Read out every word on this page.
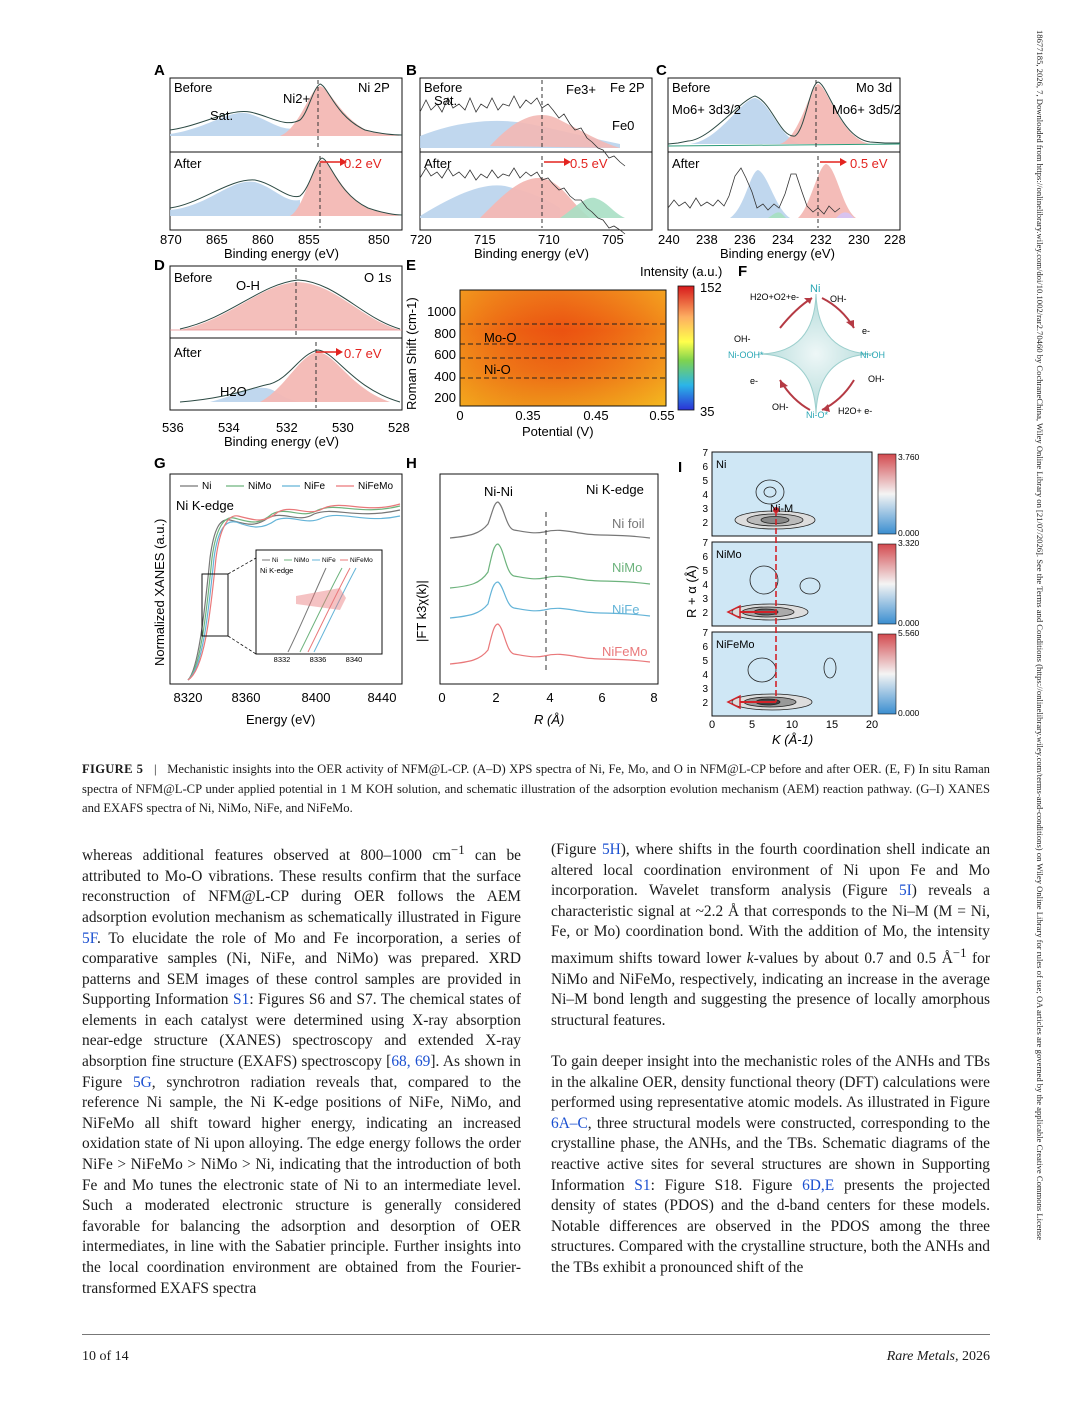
18677185, 2026, 7, Downloaded from https://onlinelibrary.wiley.com/doi/10.1002/rar2.70460 by CochraneChina, Wiley Online Library on [21/07/2026]. See the Terms and Conditions (https://onlinelibrary.wiley.com/terms-and-conditions) on Wiley Online Library for rules of use; OA articles are governed by the applicable Creative Commons License
A
Before	Ni 2P
Ni2+
Sat.
After	0.2 eV
870 865 860 855	850
Binding energy (eV)
B
Before
Sat.
Fe3+ Fe 2P
Fe0
After	0.5 eV
720	715	710	705
Binding energy (eV)
C
Before	Mo 3d
Mo6+ 3d3/2	Mo6+ 3d5/2
After	0.5 eV
240 238 236 234 232 230 228
Binding energy (eV)
D
Before
O-H
O 1s
After
H2O
0.7 eV
536	534	532	530	528
Binding energy (eV)
E
Roman Shift (cm-1)	Mo-O
Ni-O
1000
800
600
400
200
0	0.35	0.45	0.55
Potential (V)
Intensity (a.u.)
152
35
F
Ni
H2O+O2+e-	OH-
e-
OH-
Ni-OOH*	Ni-OH
e-	OH-
OH-
Ni-O* H2O+ e-
G
Normalized XANES (a.u.)
Ni	NiMo	NiFe	NiFeMo
Ni K-edge
Ni NiMo NiFe NiFeMo
Ni K-edge
8332	8336	8340
8320 8360	8400	8440
Energy (eV)
H
|FT k3χ(k)|
Ni-Ni	Ni K-edge
Ni foil
NiMo
NiFe
NiFeMo
0	2	4	6	8
R (Å)
I
R + α (Å)
Ni
Ni-M
3.760
0.000
NiMo
3.320
0.000
NiFeMo
5.560
0.000
7
6
5
4
3
2
7
6
5
4
3
2
7
6
5
4
3
2
0	5	10	15	20
K (Å-1)
FIGURE 5 | Mechanistic insights into the OER activity of NFM@L-CP. (A–D) XPS spectra of Ni, Fe, Mo, and O in NFM@L-CP before and after OER. (E, F) In situ Raman spectra of NFM@L-CP under applied potential in 1 M KOH solution, and schematic illustration of the adsorption evolution mechanism (AEM) reaction pathway. (G–I) XANES and EXAFS spectra of Ni, NiMo, NiFe, and NiFeMo.

whereas additional features observed at 800–1000 $cm^{-1}$ can be attributed to Mo-O vibrations. These results confirm that the surface reconstruction of NFM@L-CP during OER follows the AEM adsorption evolution mechanism as schematically illustrated in Figure 5F. To elucidate the role of Mo and Fe incorporation, a series of comparative samples (Ni, NiFe, and NiMo) was prepared. XRD patterns and SEM images of these control samples are provided in Supporting Information S1: Figures S6 and S7. The chemical states of elements in each catalyst were determined using X-ray absorption near-edge structure (XANES) spectroscopy and extended X-ray absorption fine structure (EXAFS) spectroscopy [68, 69]. As shown in Figure 5G, synchrotron radiation reveals that, compared to the reference Ni sample, the Ni K-edge positions of NiFe, NiMo, and NiFeMo all shift toward higher energy, indicating an increased oxidation state of Ni upon alloying. The edge energy follows the order NiFe > NiFeMo > NiMo > Ni, indicating that the introduction of both Fe and Mo tunes the electronic state of Ni to an intermediate level. Such a moderated electronic structure is generally considered favorable for balancing the adsorption and desorption of OER intermediates, in line with the Sabatier principle. Further insights into the local coordination environment are obtained from the Fourier-transformed EXAFS spectra

(Figure 5H), where shifts in the fourth coordination shell indicate an altered local coordination environment of Ni upon Fe and Mo incorporation. Wavelet transform analysis (Figure 5I) reveals a characteristic signal at ~2.2 Å that corresponds to the Ni–M (M = Ni, Fe, or Mo) coordination bond. With the addition of Mo, the intensity maximum shifts toward lower k-values by about 0.7 and 0.5 $Å^{-1}$ for NiMo and NiFeMo, respectively, indicating an increase in the average Ni–M bond length and suggesting the presence of locally amorphous structural features.

To gain deeper insight into the mechanistic roles of the ANHs and TBs in the alkaline OER, density functional theory (DFT) calculations were performed using representative atomic models. As illustrated in Figure 6A–C, three structural models were constructed, corresponding to the crystalline phase, the ANHs, and the TBs. Schematic diagrams of the reactive active sites for several structures are shown in Supporting Information S1: Figure S18. Figure 6D,E presents the projected density of states (PDOS) and the d-band centers for these models. Notable differences are observed in the PDOS among the three structures. Compared with the crystalline structure, both the ANHs and the TBs exhibit a pronounced shift of the

10 of 14	Rare Metals, 2026
